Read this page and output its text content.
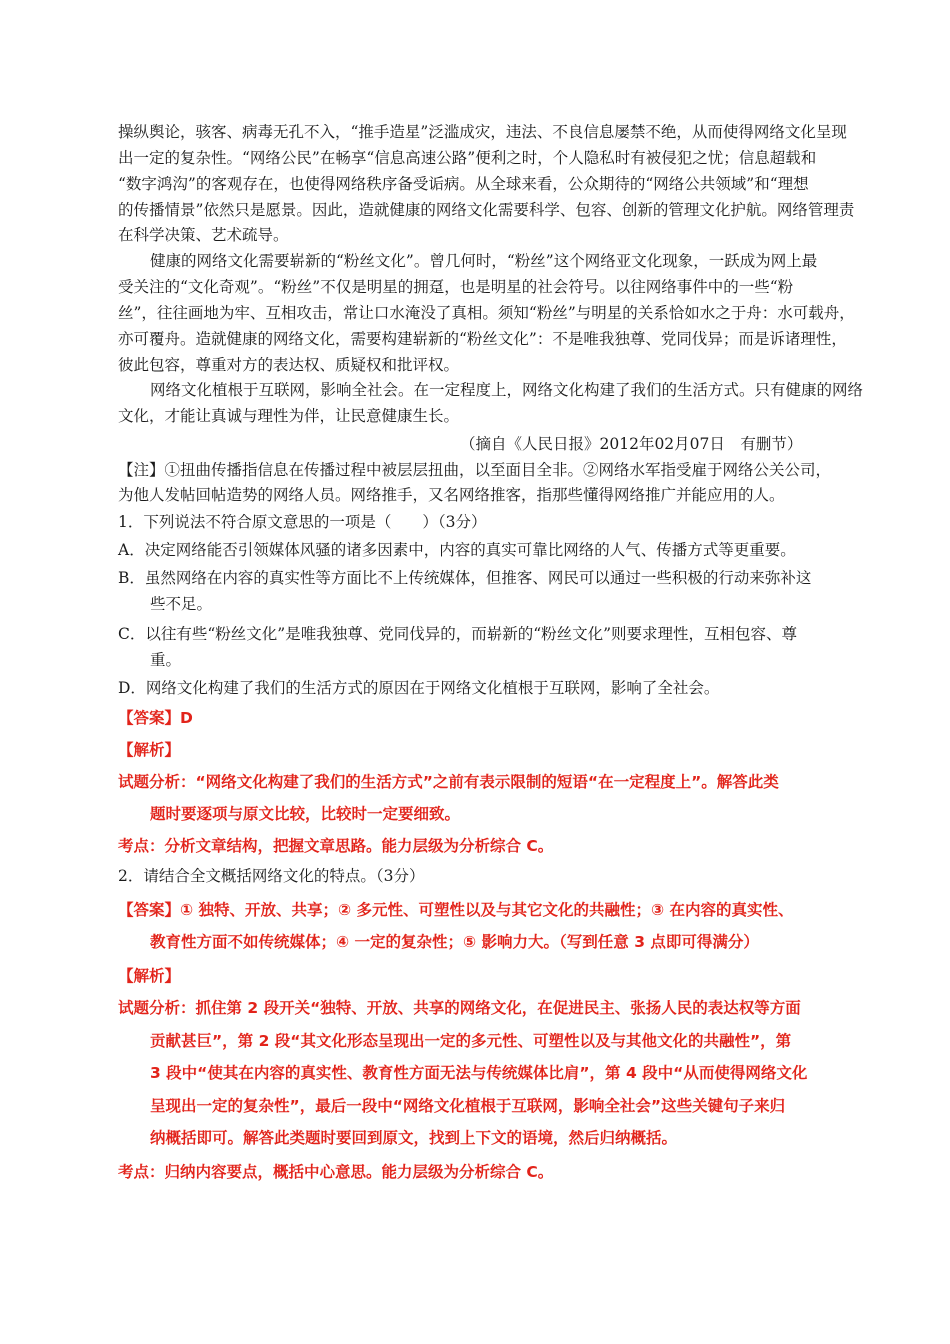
操纵舆论，骇客、病毒无孔不入，“推手造星”泛滥成灾，违法、不良信息屡禁不绝，从而使得网络文化呈现
出一定的复杂性。“网络公民”在畅享“信息高速公路”便利之时，个人隐私时有被侵犯之忧；信息超载和
“数字鸿沟”的客观存在，也使得网络秩序备受诟病。从全球来看，公众期待的“网络公共领域”和“理想
的传播情景”依然只是愿景。因此，造就健康的网络文化需要科学、包容、创新的管理文化护航。网络管理责
在科学决策、艺术疏导。
健康的网络文化需要崭新的“粉丝文化”。曾几何时，“粉丝”这个网络亚文化现象，一跃成为网上最
受关注的“文化奇观”。“粉丝”不仅是明星的拥趸，也是明星的社会符号。以往网络事件中的一些“粉
丝”，往往画地为牢、互相攻击，常让口水淹没了真相。须知“粉丝”与明星的关系恰如水之于舟：水可载舟，
亦可覆舟。造就健康的网络文化，需要构建崭新的“粉丝文化”：不是唯我独尊、党同伐异；而是诉诸理性，
彼此包容，尊重对方的表达权、质疑权和批评权。
网络文化植根于互联网，影响全社会。在一定程度上，网络文化构建了我们的生活方式。只有健康的网络
文化，才能让真诚与理性为伴，让民意健康生长。
（摘自《人民日报》2012年02月07日　有删节）
【注】①扭曲传播指信息在传播过程中被层层扭曲，以至面目全非。②网络水军指受雇于网络公关公司，
为他人发帖回帖造势的网络人员。网络推手，又名网络推客，指那些懂得网络推广并能应用的人。
1．下列说法不符合原文意思的一项是（　　）（3分）
A．决定网络能否引领媒体风骚的诸多因素中，内容的真实可靠比网络的人气、传播方式等更重要。
B．虽然网络在内容的真实性等方面比不上传统媒体，但推客、网民可以通过一些积极的行动来弥补这
些不足。
C．以往有些“粉丝文化”是唯我独尊、党同伐异的，而崭新的“粉丝文化”则要求理性，互相包容、尊
重。
D．网络文化构建了我们的生活方式的原因在于网络文化植根于互联网，影响了全社会。
【答案】D
【解析】
试题分析：“网络文化构建了我们的生活方式”之前有表示限制的短语“在一定程度上”。解答此类
题时要逐项与原文比较，比较时一定要细致。
考点：分析文章结构，把握文章思路。能力层级为分析综合 C。
2．请结合全文概括网络文化的特点。（3分）
【答案】① 独特、开放、共享；② 多元性、可塑性以及与其它文化的共融性；③ 在内容的真实性、
教育性方面不如传统媒体；④ 一定的复杂性；⑤ 影响力大。（写到任意 3 点即可得满分）
【解析】
试题分析：抓住第 2 段开关“独特、开放、共享的网络文化，在促进民主、张扬人民的表达权等方面
贡献甚巨”，第 2 段“其文化形态呈现出一定的多元性、可塑性以及与其他文化的共融性”，第
3 段中“使其在内容的真实性、教育性方面无法与传统媒体比肩”，第 4 段中“从而使得网络文化
呈现出一定的复杂性”，最后一段中“网络文化植根于互联网，影响全社会”这些关键句子来归
纳概括即可。解答此类题时要回到原文，找到上下文的语境，然后归纳概括。
考点：归纳内容要点，概括中心意思。能力层级为分析综合 C。
